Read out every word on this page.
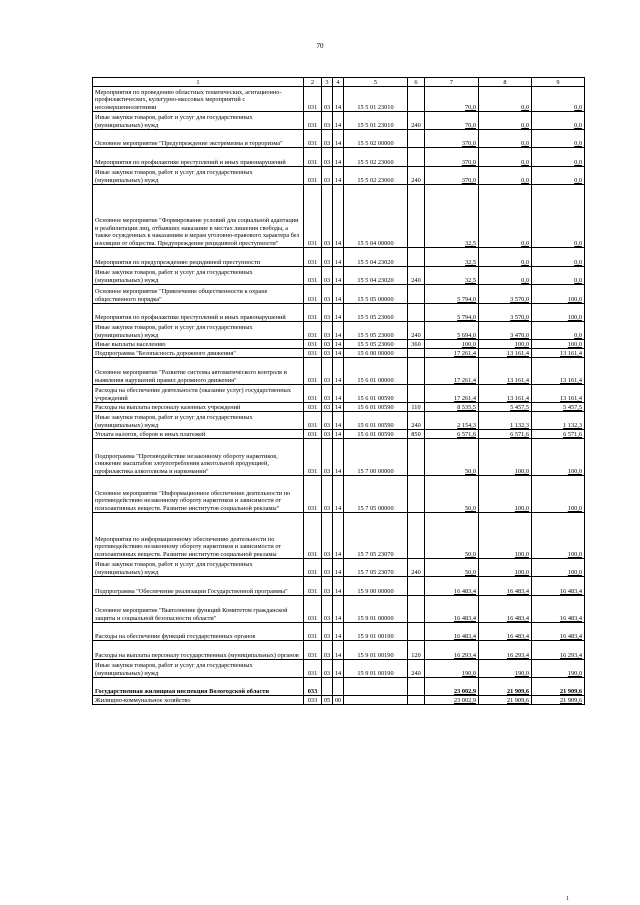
70
1	2	3	4	5	6	7	8	9
Мероприятия по проведению областных тематических, агитационно-профилактических, культурно-массовых мероприятий с несовершеннолетними	031	03	14	15 5 01 23010		70,0	0,0	0,0
Иные закупки товаров, работ и услуг для государственных (муниципальных) нужд	031	03	14	15 5 01 23010	240	70,0	0,0	0,0
Основное мероприятие "Предупреждение экстремизма и терроризма"	031	03	14	15 5 02 00000		370,0	0,0	0,0
Мероприятия по профилактике преступлений и иных правонарушений	031	03	14	15 5 02 23060		370,0	0,0	0,0
Иные закупки товаров, работ и услуг для государственных (муниципальных) нужд	031	03	14	15 5 02 23060	240	370,0	0,0	0,0
Основное мероприятие "Формирование условий для социальной адаптации и реабилитации лиц, отбывших наказание в местах лишения свободы, а также осужденных к наказаниям и мерам уголовно-правового характера без изоляции от общества. Предупреждение рецидивной преступности"	031	03	14	15 5 04 00000		32,5	0,0	0,0
Мероприятия по предупреждению рецидивной преступности	031	03	14	15 5 04 23020		32,5	0,0	0,0
Иные закупки товаров, работ и услуг для государственных (муниципальных) нужд	031	03	14	15 5 04 23020	240	32,5	0,0	0,0
Основное мероприятие "Привлечение общественности к охране общественного порядка"	031	03	14	15 5 05 00000		5 794,0	3 570,0	100,0
Мероприятия по профилактике преступлений и иных правонарушений	031	03	14	15 5 05 23060		5 794,0	3 570,0	100,0
Иные закупки товаров, работ и услуг для государственных (муниципальных) нужд	031	03	14	15 5 05 23060	240	5 694,0	3 470,0	0,0
Иные выплаты населению	031	03	14	15 5 05 23060	360	100,0	100,0	100,0
Подпрограмма "Безопасность дорожного движения"	031	03	14	15 6 00 00000		17 261,4	13 161,4	13 161,4
Основное мероприятие "Развитие системы автоматического контроля и выявления нарушений правил дорожного движения"	031	03	14	15 6 01 00000		17 261,4	13 161,4	13 161,4
Расходы на обеспечение деятельности (оказание услуг) государственных учреждений	031	03	14	15 6 01 00590		17 261,4	13 161,4	13 161,4
Расходы на выплаты персоналу казенных учреждений	031	03	14	15 6 01 00590	110	8 535,5	5 457,5	5 457,5
Иные закупки товаров, работ и услуг для государственных (муниципальных) нужд	031	03	14	15 6 01 00590	240	2 154,3	1 132,3	1 132,3
Уплата налогов, сборов и иных платежей	031	03	14	15 6 01 00590	850	6 571,6	6 571,6	6 571,6
Подпрограмма "Противодействие незаконному обороту наркотиков, снижение масштабов злоупотребления алкогольной продукцией, профилактика алкоголизма и наркомании"	031	03	14	15 7 00 00000		50,0	100,0	100,0
Основное мероприятие "Информационное обеспечение деятельности по противодействию незаконному обороту наркотиков и зависимости от психоактивных веществ. Развитие институтов социальной рекламы"	031	03	14	15 7 05 00000		50,0	100,0	100,0
Мероприятия по информационному обеспечению деятельности по противодействию незаконному обороту наркотиков и зависимости от психоактивных веществ. Развитие институтов социальной рекламы	031	03	14	15 7 05 23070		50,0	100,0	100,0
Иные закупки товаров, работ и услуг для государственных (муниципальных) нужд	031	03	14	15 7 05 23070	240	50,0	100,0	100,0
Подпрограмма "Обеспечение реализации Государственной программы"	031	03	14	15 9 00 00000		16 483,4	16 483,4	16 483,4
Основное мероприятие "Выполнение функций Комитетом гражданской защиты и социальной безопасности области"	031	03	14	15 9 01 00000		16 483,4	16 483,4	16 483,4
Расходы на обеспечение функций государственных органов	031	03	14	15 9 01 00190		16 483,4	16 483,4	16 483,4
Расходы на выплаты персоналу государственных (муниципальных) органов	031	03	14	15 9 01 00190	120	16 293,4	16 293,4	16 293,4
Иные закупки товаров, работ и услуг для государственных (муниципальных) нужд	031	03	14	15 9 01 00190	240	190,0	190,0	190,0
Государственная жилищная инспекция Вологодской области	033					23 002,9	21 909,6	21 909,6
Жилищно-коммунальное хозяйство	033	05	00			23 002,9	21 909,6	21 909,6
1
